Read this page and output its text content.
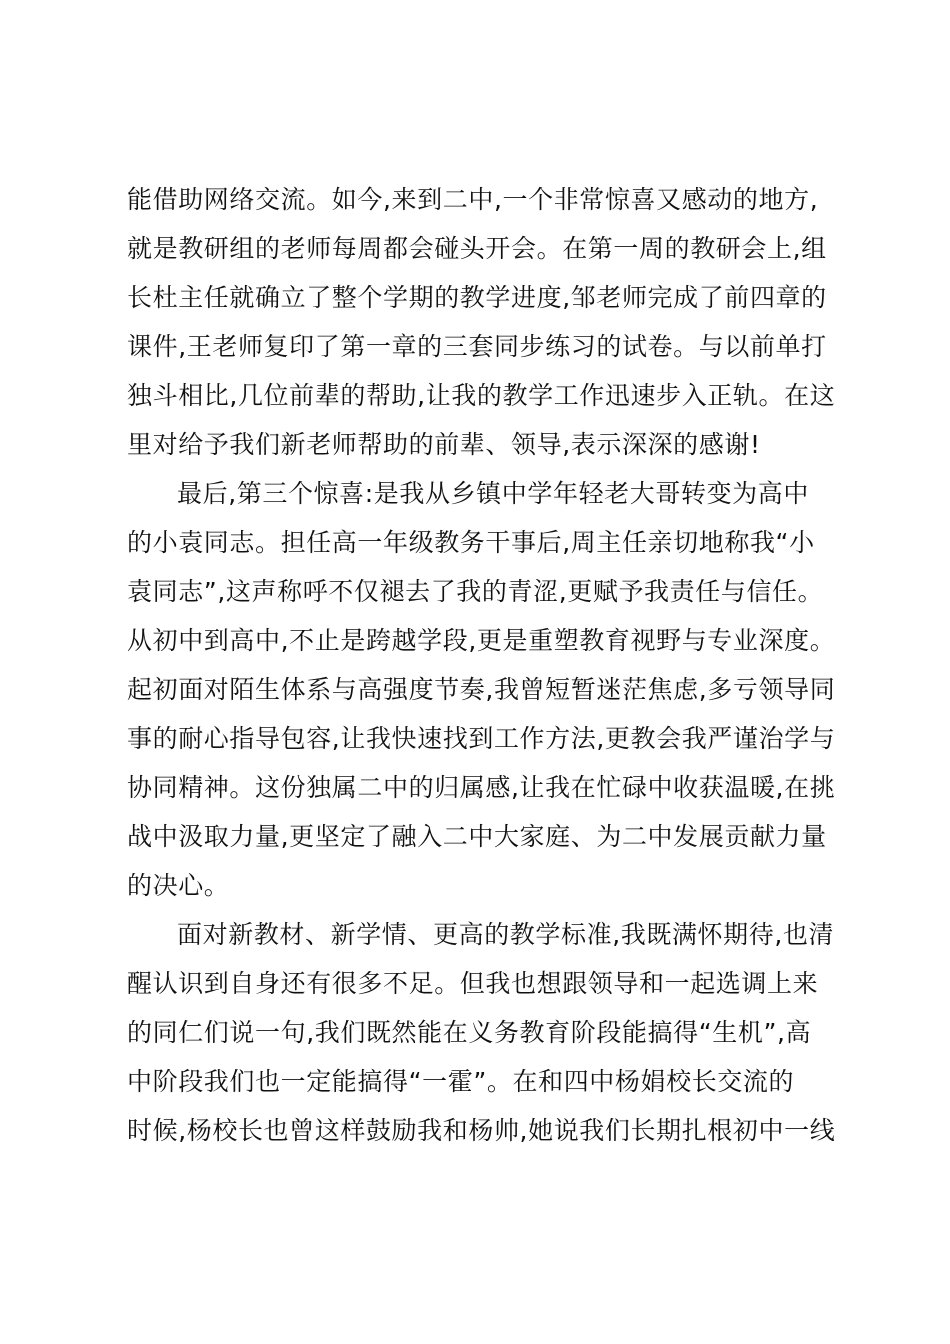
能借助网络交流。如今,来到二中,一个非常惊喜又感动的地方,
就是教研组的老师每周都会碰头开会。在第一周的教研会上,组
长杜主任就确立了整个学期的教学进度,邹老师完成了前四章的
课件,王老师复印了第一章的三套同步练习的试卷。与以前单打
独斗相比,几位前辈的帮助,让我的教学工作迅速步入正轨。在这
里对给予我们新老师帮助的前辈、领导,表示深深的感谢!
最后,第三个惊喜:是我从乡镇中学年轻老大哥转变为高中
的小袁同志。担任高一年级教务干事后,周主任亲切地称我“小
袁同志”,这声称呼不仅褪去了我的青涩,更赋予我责任与信任。
从初中到高中,不止是跨越学段,更是重塑教育视野与专业深度。
起初面对陌生体系与高强度节奏,我曾短暂迷茫焦虑,多亏领导同
事的耐心指导包容,让我快速找到工作方法,更教会我严谨治学与
协同精神。这份独属二中的归属感,让我在忙碌中收获温暖,在挑
战中汲取力量,更坚定了融入二中大家庭、为二中发展贡献力量
的决心。
面对新教材、新学情、更高的教学标准,我既满怀期待,也清
醒认识到自身还有很多不足。但我也想跟领导和一起选调上来
的同仁们说一句,我们既然能在义务教育阶段能搞得“生机”,高
中阶段我们也一定能搞得“一霍”。在和四中杨娟校长交流的
时候,杨校长也曾这样鼓励我和杨帅,她说我们长期扎根初中一线
